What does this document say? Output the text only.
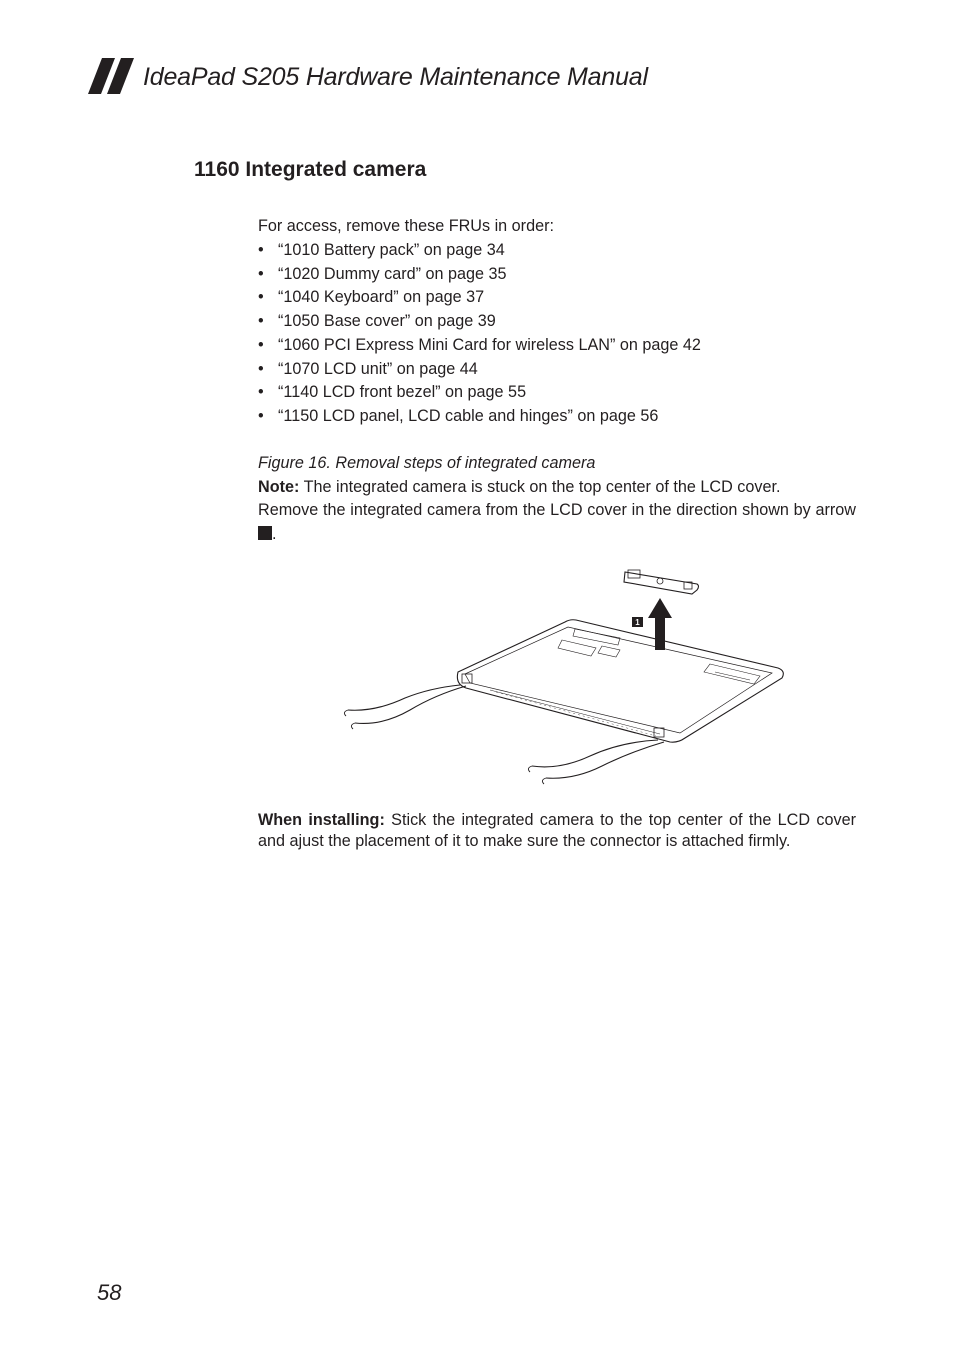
IdeaPad S205 Hardware Maintenance Manual
1160 Integrated camera
For access, remove these FRUs in order:
• “1010 Battery pack” on page 34
• “1020 Dummy card” on page 35
• “1040 Keyboard” on page 37
• “1050 Base cover” on page 39
• “1060 PCI Express Mini Card for wireless LAN” on page 42
• “1070 LCD unit” on page 44
• “1140 LCD front bezel” on page 55
• “1150 LCD panel, LCD cable and hinges” on page 56
Figure 16. Removal steps of integrated camera
Note: The integrated camera is stuck on the top center of the LCD cover.
Remove the integrated camera from the LCD cover in the direction shown by arrow .
1
When installing: Stick the integrated camera to the top center of the LCD cover and ajust the placement of it to make sure the connector is attached firmly.
58
